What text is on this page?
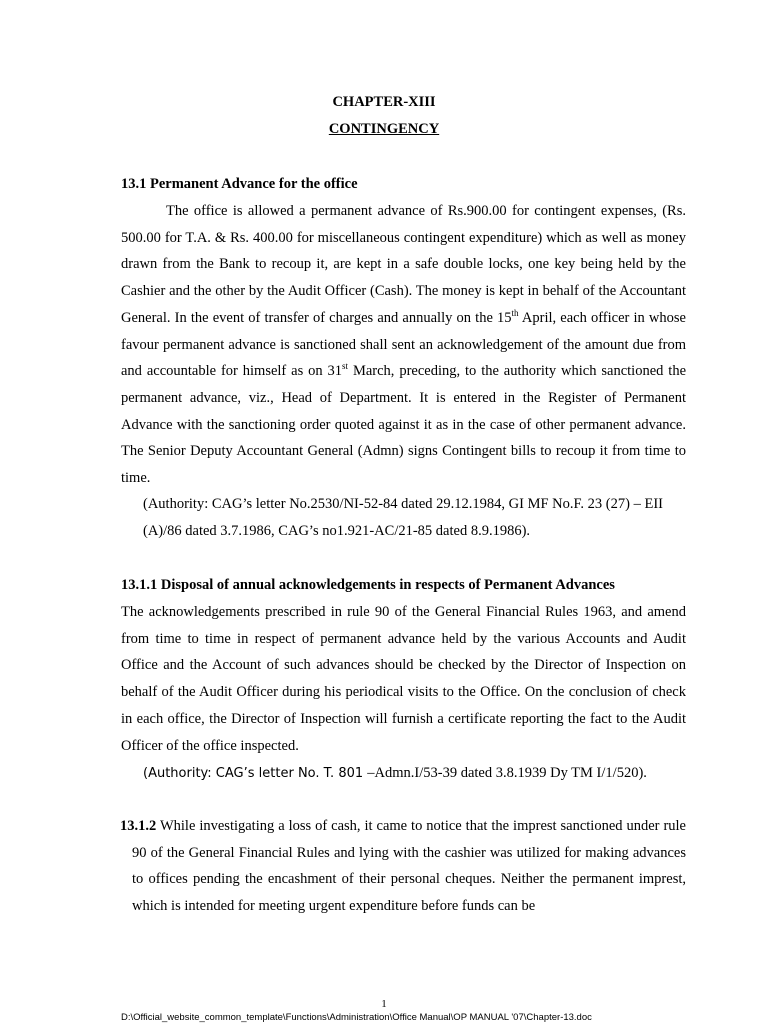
CHAPTER-XIII
CONTINGENCY
13.1 Permanent Advance for the office
The office is allowed a permanent advance of Rs.900.00 for contingent expenses, (Rs. 500.00 for T.A. & Rs. 400.00 for miscellaneous contingent expenditure) which as well as money drawn from the Bank to recoup it, are kept in a safe double locks, one key being held by the Cashier and the other by the Audit Officer (Cash). The money is kept in behalf of the Accountant General. In the event of transfer of charges and annually on the 15th April, each officer in whose favour permanent advance is sanctioned shall sent an acknowledgement of the amount due from and accountable for himself as on 31st March, preceding, to the authority which sanctioned the permanent advance, viz., Head of Department. It is entered in the Register of Permanent Advance with the sanctioning order quoted against it as in the case of other permanent advance. The Senior Deputy Accountant General (Admn) signs Contingent bills to recoup it from time to time.
(Authority: CAG’s letter No.2530/NI-52-84 dated 29.12.1984, GI MF No.F. 23 (27) – EII
(A)/86 dated 3.7.1986, CAG’s no1.921-AC/21-85 dated 8.9.1986).
13.1.1 Disposal of annual acknowledgements in respects of Permanent Advances
The acknowledgements prescribed in rule 90 of the General Financial Rules 1963, and amend from time to time in respect of permanent advance held by the various Accounts and Audit Office and the Account of such advances should be checked by the Director of Inspection on behalf of the Audit Officer during his periodical visits to the Office. On the conclusion of check in each office, the Director of Inspection will furnish a certificate reporting the fact to the Audit Officer of the office inspected.
(Authority: CAG’s letter No. T. 801 –Admn.I/53-39 dated 3.8.1939 Dy TM I/1/520).
13.1.2 While investigating a loss of cash, it came to notice that the imprest sanctioned under rule 90 of the General Financial Rules and lying with the cashier was utilized for making advances to offices pending the encashment of their personal cheques. Neither the permanent imprest, which is intended for meeting urgent expenditure before funds can be
1
D:\Official_website_common_template\Functions\Administration\Office Manual\OP MANUAL '07\Chapter-13.doc
